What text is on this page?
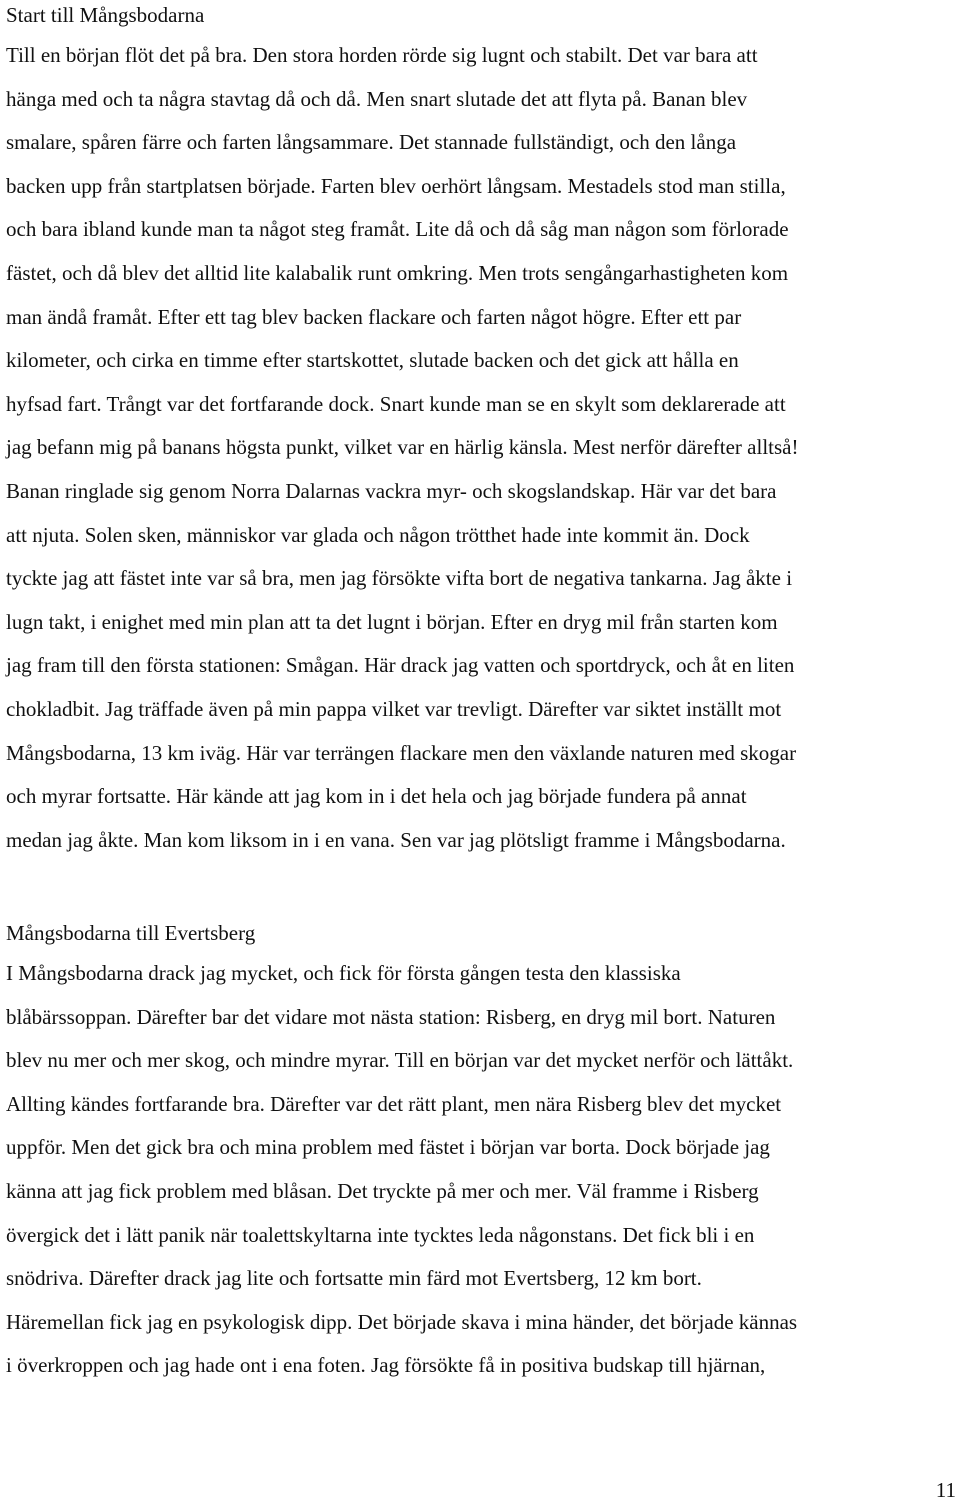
Start till Mångsbodarna
Till en början flöt det på bra. Den stora horden rörde sig lugnt och stabilt. Det var bara att
hänga med och ta några stavtag då och då. Men snart slutade det att flyta på. Banan blev
smalare, spåren färre och farten långsammare. Det stannade fullständigt, och den långa
backen upp från startplatsen började. Farten blev oerhört långsam. Mestadels stod man stilla,
och bara ibland kunde man ta något steg framåt. Lite då och då såg man någon som förlorade
fästet, och då blev det alltid lite kalabalik runt omkring. Men trots sengångarhastigheten kom
man ändå framåt. Efter ett tag blev backen flackare och farten något högre. Efter ett par
kilometer, och cirka en timme efter startskottet, slutade backen och det gick att hålla en
hyfsad fart. Trångt var det fortfarande dock. Snart kunde man se en skylt som deklarerade att
jag befann mig på banans högsta punkt, vilket var en härlig känsla. Mest nerför därefter alltså!
Banan ringlade sig genom Norra Dalarnas vackra myr- och skogslandskap. Här var det bara
att njuta. Solen sken, människor var glada och någon trötthet hade inte kommit än. Dock
tyckte jag att fästet inte var så bra, men jag försökte vifta bort de negativa tankarna. Jag åkte i
lugn takt, i enighet med min plan att ta det lugnt i början. Efter en dryg mil från starten kom
jag fram till den första stationen: Smågan. Här drack jag vatten och sportdryck, och åt en liten
chokladbit. Jag träffade även på min pappa vilket var trevligt. Därefter var siktet inställt mot
Mångsbodarna, 13 km iväg. Här var terrängen flackare men den växlande naturen med skogar
och myrar fortsatte. Här kände att jag kom in i det hela och jag började fundera på annat
medan jag åkte. Man kom liksom in i en vana. Sen var jag plötsligt framme i Mångsbodarna.
Mångsbodarna till Evertsberg
I Mångsbodarna drack jag mycket, och fick för första gången testa den klassiska
blåbärssoppan. Därefter bar det vidare mot nästa station: Risberg, en dryg mil bort. Naturen
blev nu mer och mer skog, och mindre myrar. Till en början var det mycket nerför och lättåkt.
Allting kändes fortfarande bra. Därefter var det rätt plant, men nära Risberg blev det mycket
uppför. Men det gick bra och mina problem med fästet i början var borta. Dock började jag
känna att jag fick problem med blåsan. Det tryckte på mer och mer. Väl framme i Risberg
övergick det i lätt panik när toalettskyltarna inte tycktes leda någonstans. Det fick bli i en
snödriva. Därefter drack jag lite och fortsatte min färd mot Evertsberg, 12 km bort.
Häremellan fick jag en psykologisk dipp. Det började skava i mina händer, det började kännas
i överkroppen och jag hade ont i ena foten. Jag försökte få in positiva budskap till hjärnan,
11
